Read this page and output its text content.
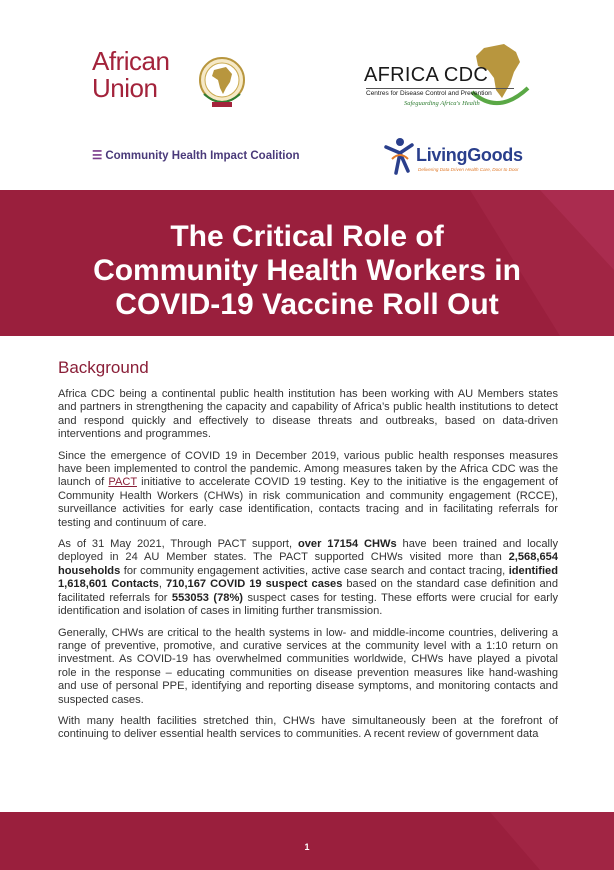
African
Union	AFRICA CDC
Centres for Disease Control and Prevention
Safeguarding Africa's Health
☰ Community Health Impact Coalition	LivingGoods
Delivering Data Driven Health Care, Door to Door
The Critical Role of
Community Health Workers in
COVID-19 Vaccine Roll Out
Background

Africa CDC being a continental public health institution has been working with AU Members states and partners in strengthening the capacity and capability of Africa’s public health institutions to detect and respond quickly and effectively to disease threats and outbreaks, based on data-driven interventions and programmes.

Since the emergence of COVID 19 in December 2019, various public health responses measures have been implemented to control the pandemic. Among measures taken by the Africa CDC was the launch of PACT initiative to accelerate COVID 19 testing. Key to the initiative is the engagement of Community Health Workers (CHWs) in risk communication and community engagement (RCCE), surveillance activities for early case identification, contacts tracing and in facilitating referrals for testing and continuum of care.

As of 31 May 2021, Through PACT support, over 17154 CHWs have been trained and locally deployed in 24 AU Member states. The PACT supported CHWs visited more than 2,568,654 households for community engagement activities, active case search and contact tracing, identified 1,618,601 Contacts, 710,167 COVID 19 suspect cases based on the standard case definition and facilitated referrals for 553053 (78%) suspect cases for testing. These efforts were crucial for early identification and isolation of cases in limiting further transmission.

Generally, CHWs are critical to the health systems in low- and middle-income countries, delivering a range of preventive, promotive, and curative services at the community level with a 1:10 return on investment. As COVID-19 has overwhelmed communities worldwide, CHWs have played a pivotal role in the response – educating communities on disease prevention measures like hand-washing and use of personal PPE, identifying and reporting disease symptoms, and monitoring contacts and suspected cases.

With many health facilities stretched thin, CHWs have simultaneously been at the forefront of continuing to deliver essential health services to communities. A recent review of government data

1
